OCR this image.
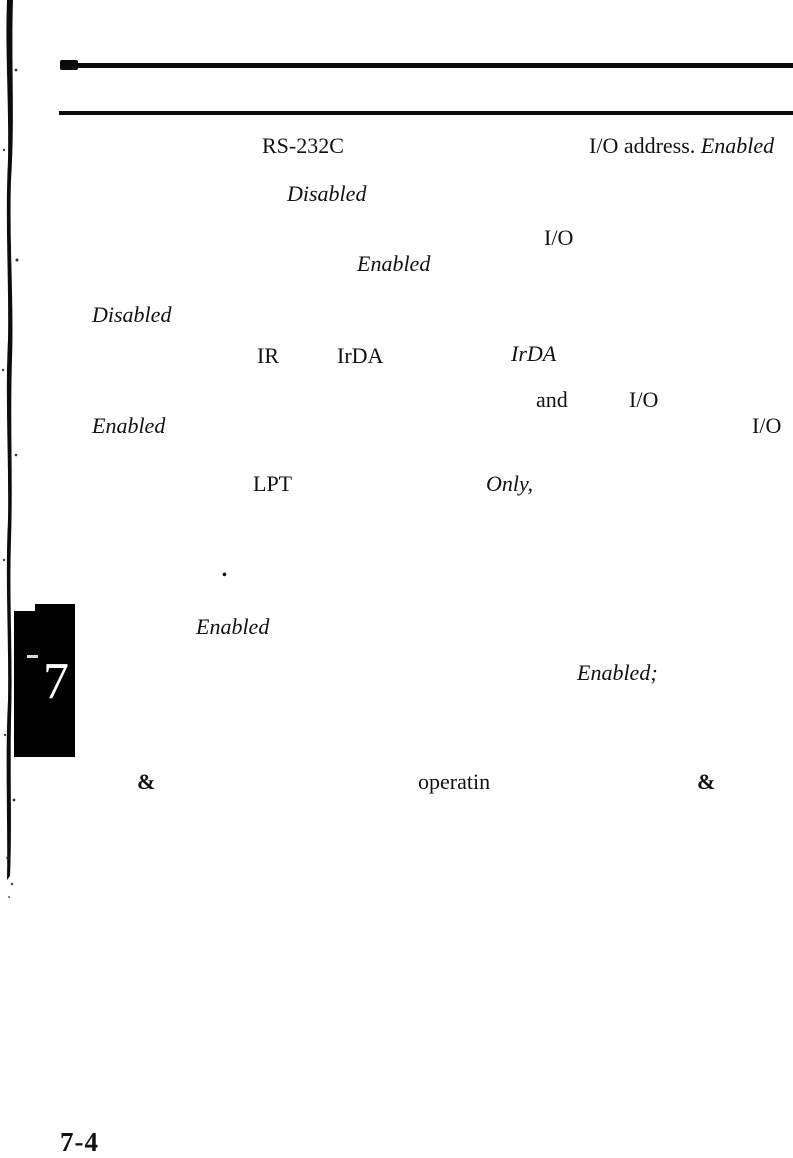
RS-232C	I/O address. Enabled
Disabled
I/O
Enabled
Disabled
IR	IrDA	IrDA
and	I/O
Enabled	I/O
LPT	Only,
•
Enabled
Enabled;
&	operatin	&
7
7-4
